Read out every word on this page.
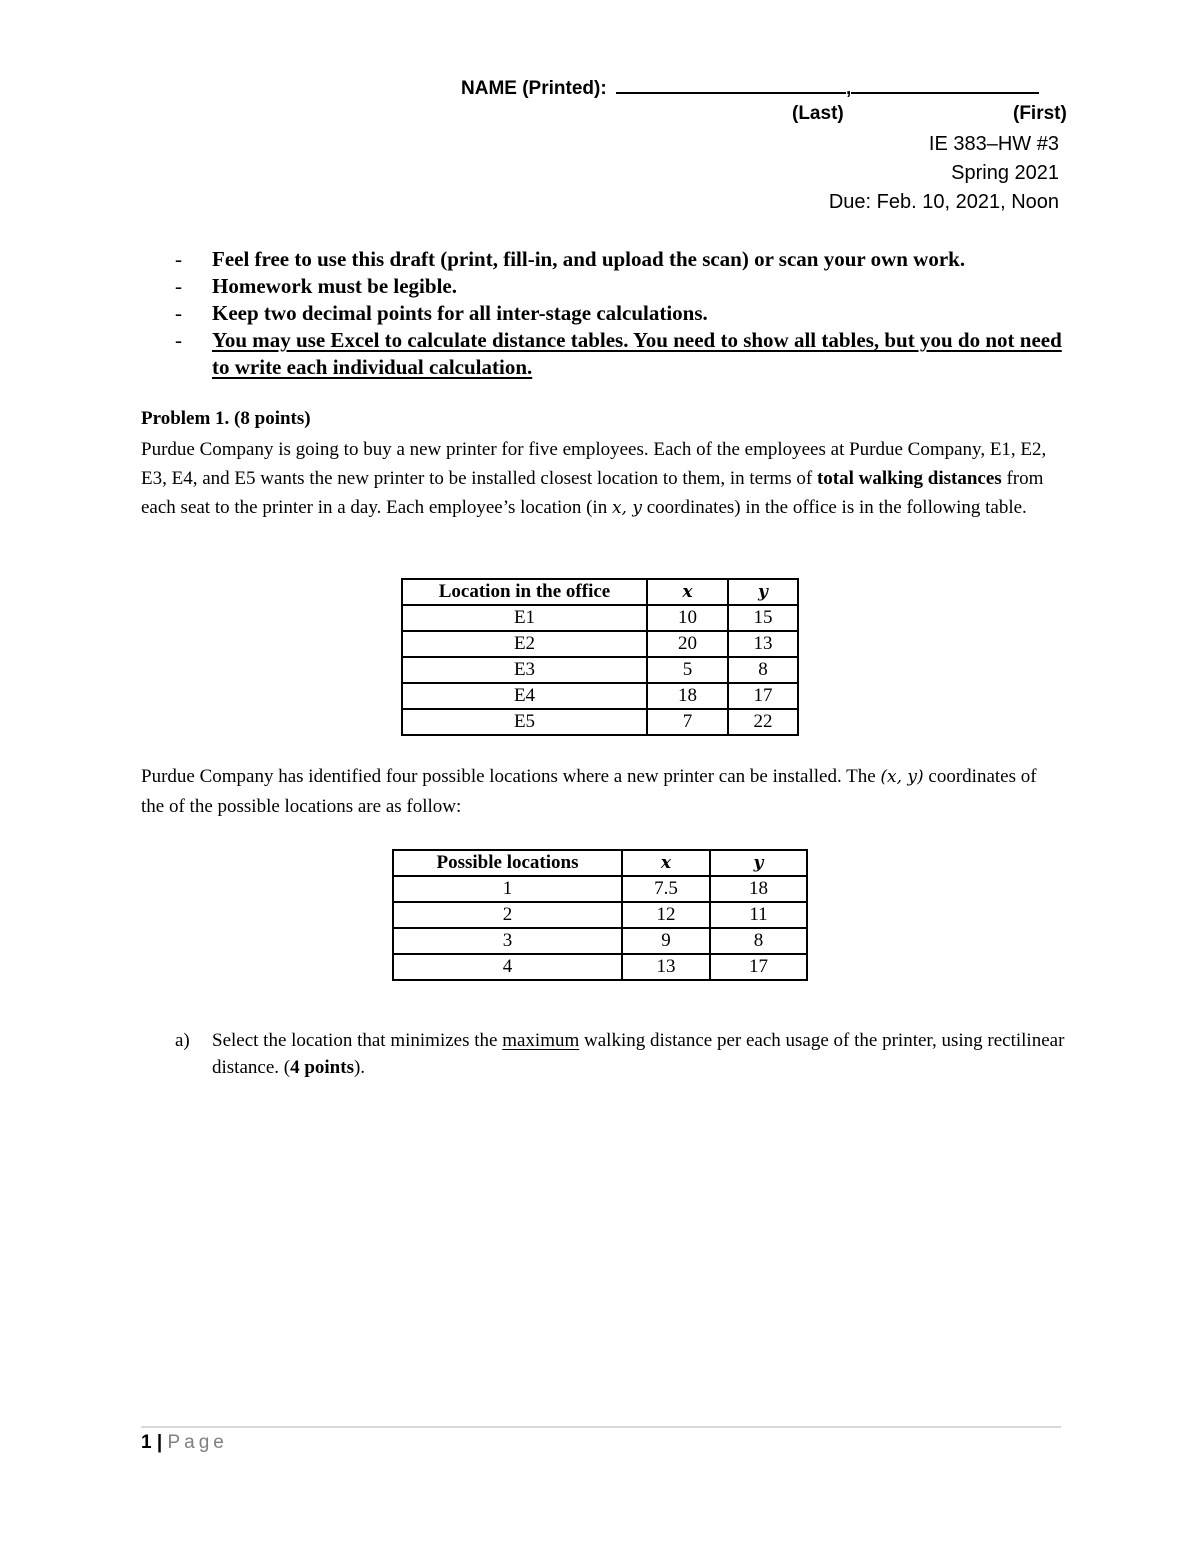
NAME (Printed):	,
(Last)	(First)
IE 383–HW #3
Spring 2021
Due: Feb. 10, 2021, Noon
- Feel free to use this draft (print, fill-in, and upload the scan) or scan your own work.
- Homework must be legible.
- Keep two decimal points for all inter-stage calculations.
- You may use Excel to calculate distance tables. You need to show all tables, but you do not need to write each individual calculation.
Problem 1. (8 points)
Purdue Company is going to buy a new printer for five employees. Each of the employees at Purdue Company, E1, E2, E3, E4, and E5 wants the new printer to be installed closest location to them, in terms of total walking distances from each seat to the printer in a day. Each employee’s location (in x, y coordinates) in the office is in the following table.
Location in the office	x	y
E1	10	15
E2	20	13
E3	5	8
E4	18	17
E5	7	22
Purdue Company has identified four possible locations where a new printer can be installed. The (x, y) coordinates of the of the possible locations are as follow:
Possible locations	x	y
1	7.5	18
2	12	11
3	9	8
4	13	17
a) Select the location that minimizes the maximum walking distance per each usage of the printer, using rectilinear distance. (4 points).
1 | Page
